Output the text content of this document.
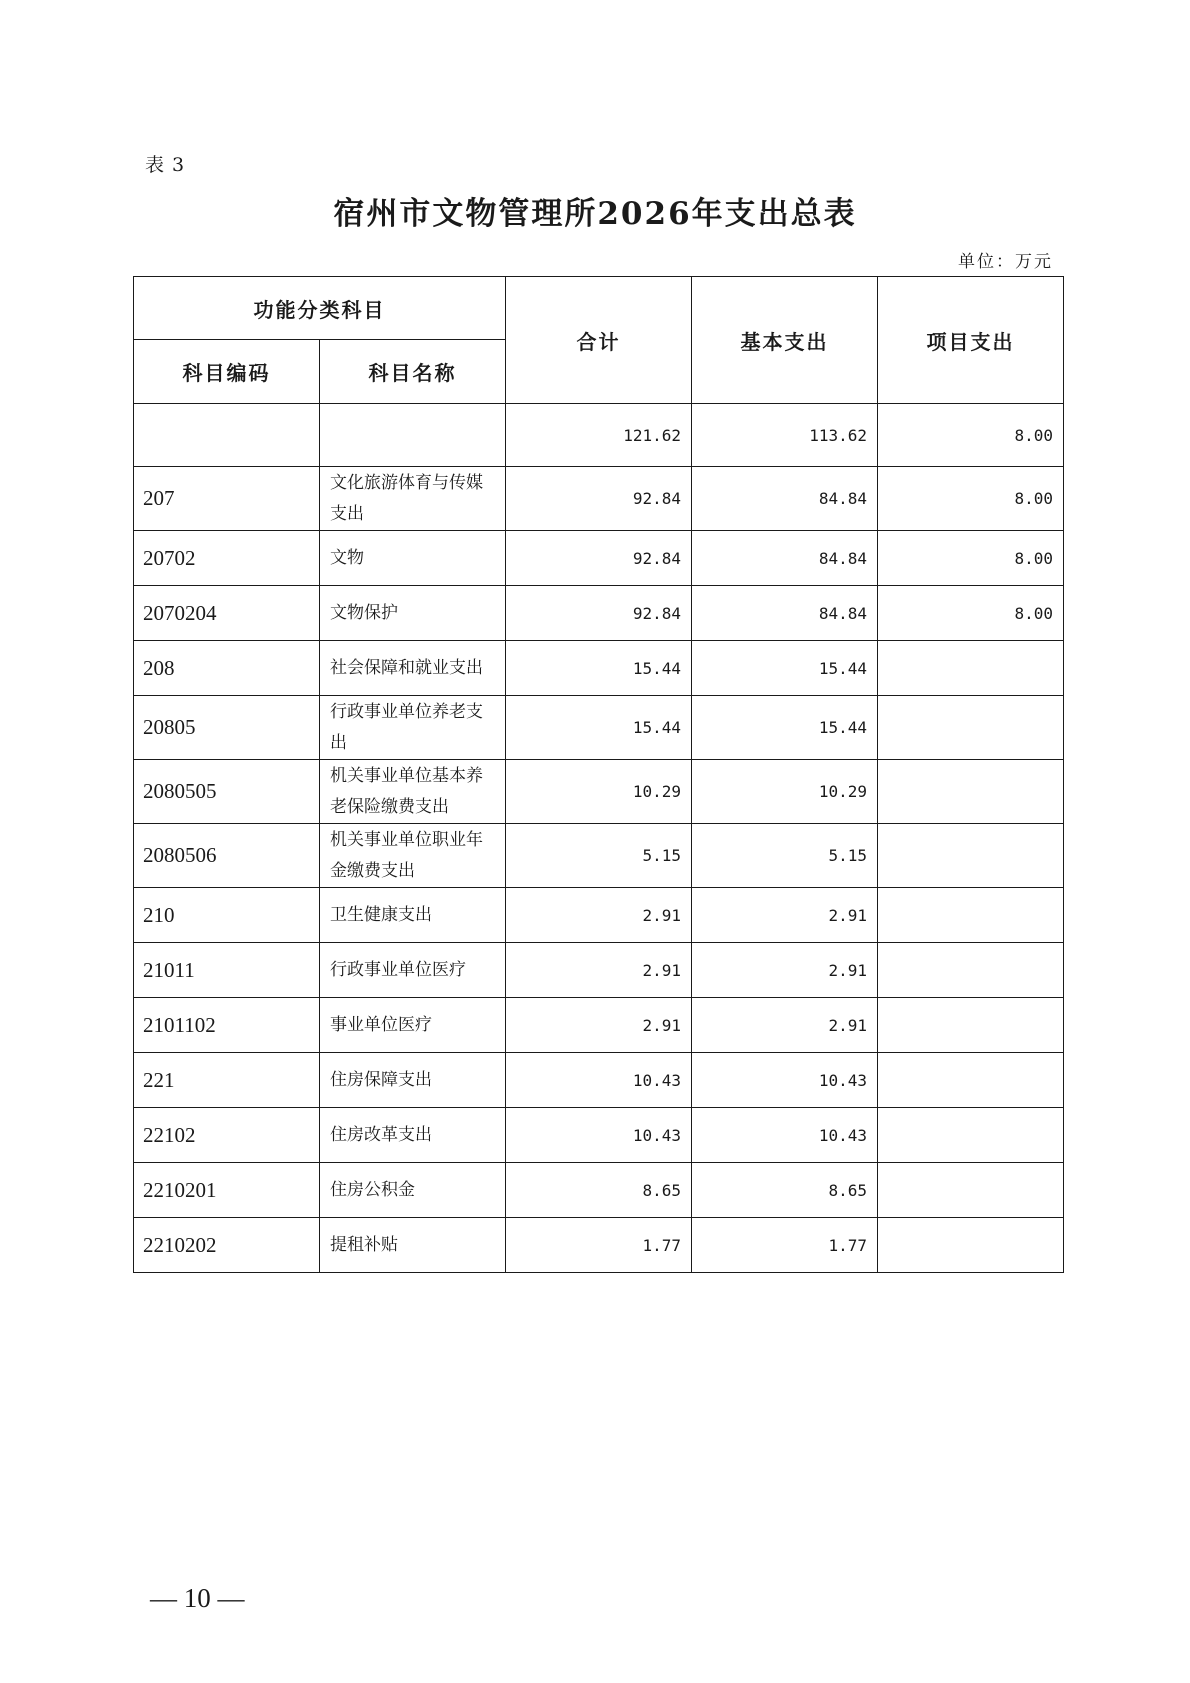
表 3
宿州市文物管理所2026年支出总表
单位：万元
功能分类科目		合计	基本支出	项目支出
科目编码	科目名称			
		121.62	113.62	8.00
207	文化旅游体育与传媒支出	92.84	84.84	8.00
20702	文物	92.84	84.84	8.00
2070204	文物保护	92.84	84.84	8.00
208	社会保障和就业支出	15.44	15.44	
20805	行政事业单位养老支出	15.44	15.44	
2080505	机关事业单位基本养老保险缴费支出	10.29	10.29	
2080506	机关事业单位职业年金缴费支出	5.15	5.15	
210	卫生健康支出	2.91	2.91	
21011	行政事业单位医疗	2.91	2.91	
2101102	事业单位医疗	2.91	2.91	
221	住房保障支出	10.43	10.43	
22102	住房改革支出	10.43	10.43	
2210201	住房公积金	8.65	8.65	
2210202	提租补贴	1.77	1.77	
— 10 —
